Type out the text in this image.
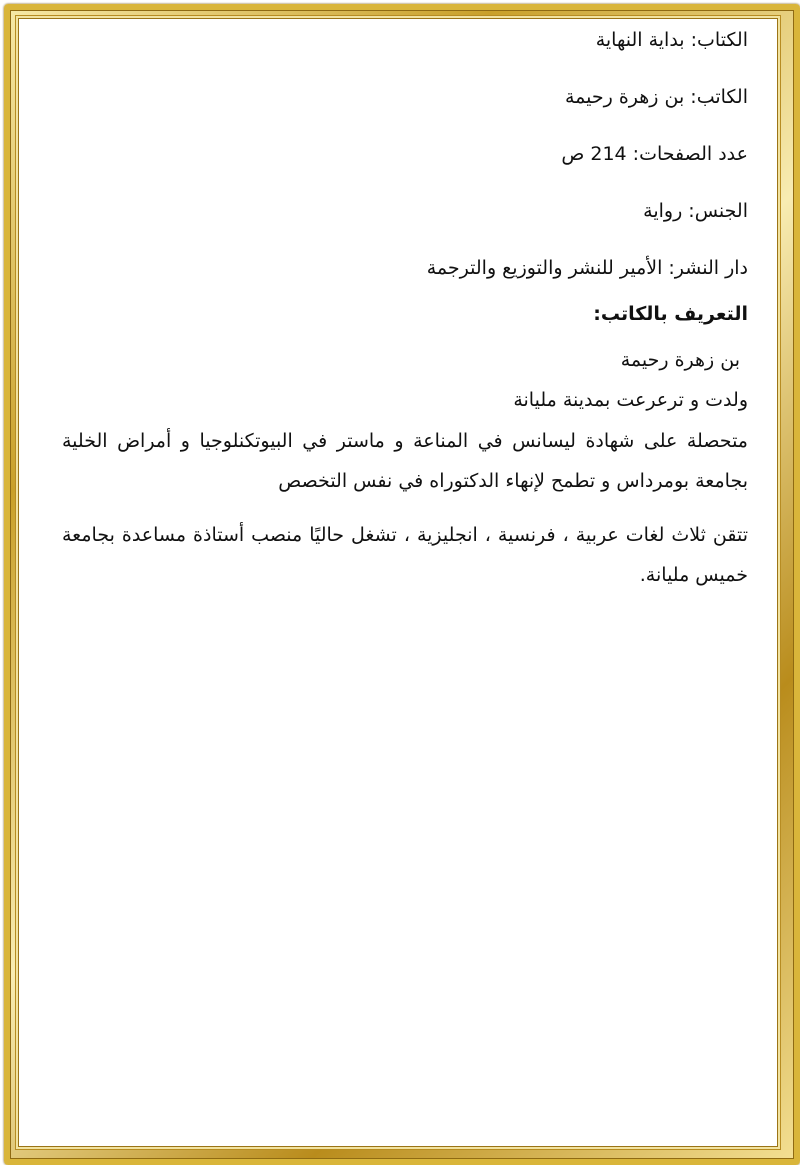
الكتاب: بداية النهاية
الكاتب: بن زهرة رحيمة
عدد الصفحات: 214 ص
الجنس: رواية
دار النشر: الأمير للنشر والتوزيع والترجمة
التعريف بالكاتب:
بن زهرة رحيمة
ولدت و ترعرعت بمدينة مليانة

متحصلة على شهادة ليسانس في المناعة و ماستر في البيوتكنلوجيا و أمراض الخلية بجامعة بومرداس و تطمح لإنهاء الدكتوراه في نفس التخصص

تتقن ثلاث لغات عربية ، فرنسية ، انجليزية ، تشغل حاليًا منصب أستاذة مساعدة بجامعة خميس مليانة.
